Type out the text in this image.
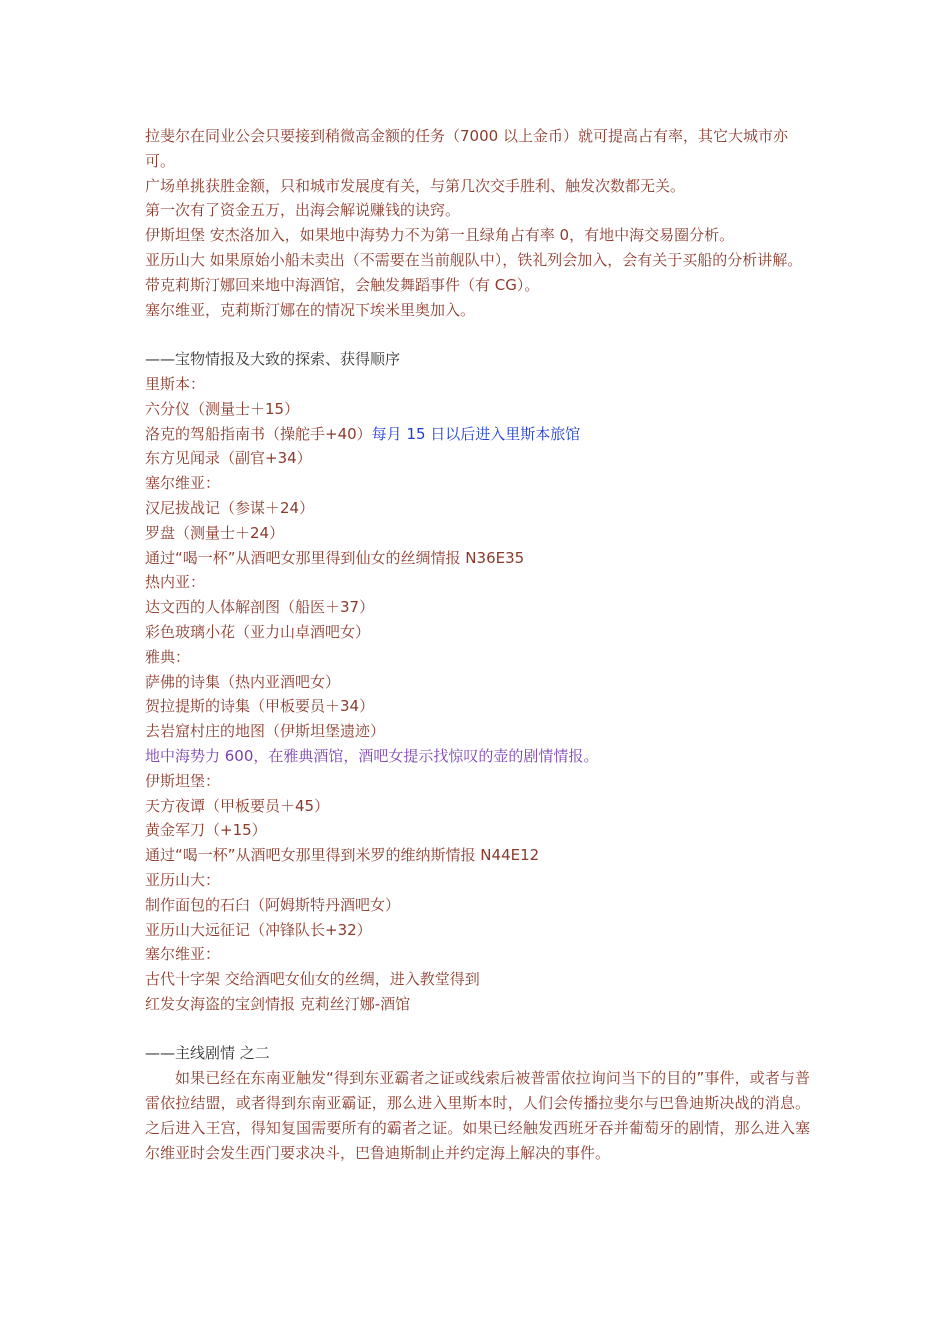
拉斐尔在同业公会只要接到稍微高金额的任务（7000 以上金币）就可提高占有率，其它大城市亦可。

广场单挑获胜金额，只和城市发展度有关，与第几次交手胜利、触发次数都无关。

第一次有了资金五万，出海会解说赚钱的诀窍。

伊斯坦堡 安杰洛加入，如果地中海势力不为第一且绿角占有率 0，有地中海交易圈分析。

亚历山大 如果原始小船未卖出（不需要在当前舰队中），铁礼列会加入，会有关于买船的分析讲解。

带克莉斯汀娜回来地中海酒馆，会触发舞蹈事件（有 CG）。

塞尔维亚，克莉斯汀娜在的情况下埃米里奥加入。

——宝物情报及大致的探索、获得顺序

里斯本：

六分仪（测量士＋15）

洛克的驾船指南书（操舵手+40）每月 15 日以后进入里斯本旅馆

东方见闻录（副官+34）

塞尔维亚：

汉尼拔战记（参谋＋24）

罗盘（测量士＋24）

通过“喝一杯”从酒吧女那里得到仙女的丝绸情报 N36E35

热内亚：

达文西的人体解剖图（船医＋37）

彩色玻璃小花（亚力山卓酒吧女）

雅典：

萨佛的诗集（热内亚酒吧女）

贺拉提斯的诗集（甲板要员＋34）

去岩窟村庄的地图（伊斯坦堡遗迹）

地中海势力 600，在雅典酒馆，酒吧女提示找惊叹的壶的剧情情报。

伊斯坦堡：

天方夜谭（甲板要员＋45）

黄金军刀（+15）

通过“喝一杯”从酒吧女那里得到米罗的维纳斯情报 N44E12

亚历山大：

制作面包的石臼（阿姆斯特丹酒吧女）

亚历山大远征记（冲锋队长+32）

塞尔维亚：

古代十字架 交给酒吧女仙女的丝绸，进入教堂得到

红发女海盗的宝剑情报 克莉丝汀娜-酒馆

——主线剧情 之二

如果已经在东南亚触发“得到东亚霸者之证或线索后被普雷依拉询问当下的目的”事件，或者与普雷依拉结盟，或者得到东南亚霸证，那么进入里斯本时，人们会传播拉斐尔与巴鲁迪斯决战的消息。之后进入王宫，得知复国需要所有的霸者之证。如果已经触发西班牙吞并葡萄牙的剧情，那么进入塞尔维亚时会发生西门要求决斗，巴鲁迪斯制止并约定海上解决的事件。
